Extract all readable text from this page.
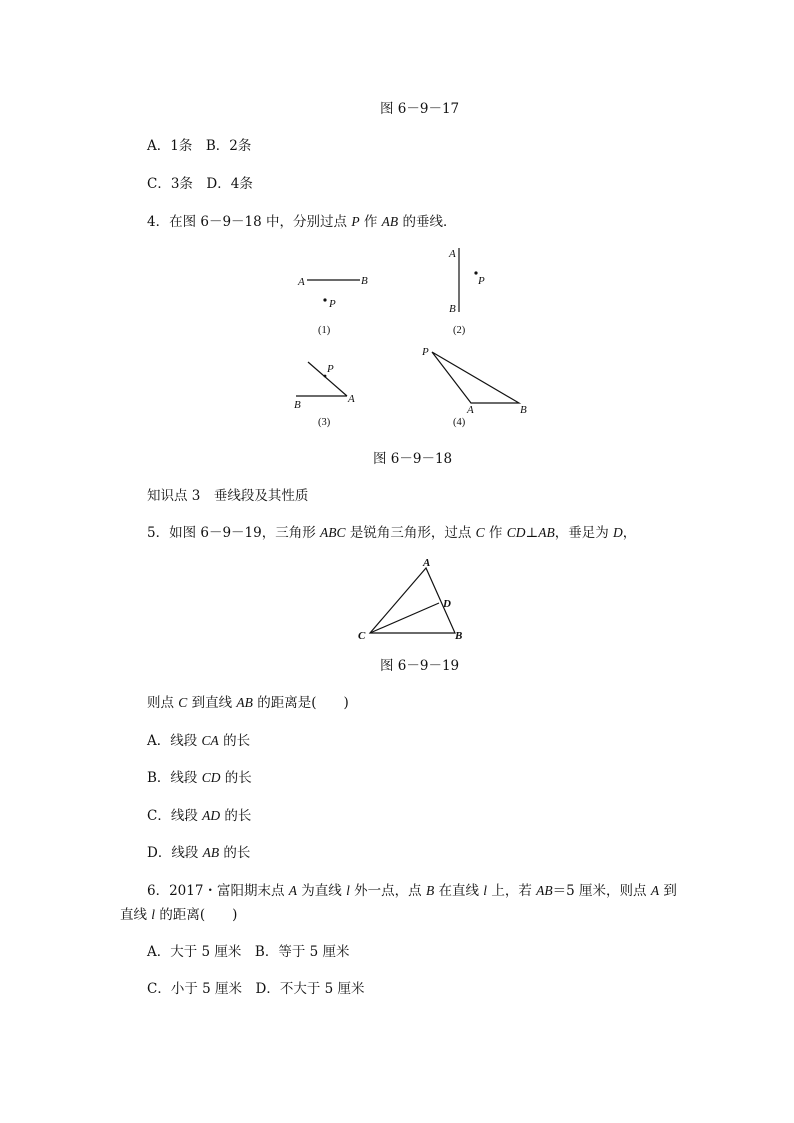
图 6－9－17
A．1条　B．2条
C．3条　D．4条
4．在图 6－9－18 中，分别过点 P 作 AB 的垂线．
A	B
P
(1)
A
B
P
(2)
P
B	A
(3)
P
A	B
(4)
A
D
C	B
图 6－9－18
知识点 3　垂线段及其性质
5．如图 6－9－19，三角形 ABC 是锐角三角形，过点 C 作 CD⊥AB，垂足为 D，
图 6－9－19
则点 C 到直线 AB 的距离是(　　)
A．线段 CA 的长
B．线段 CD 的长
C．线段 AD 的长
D．线段 AB 的长
6．2017・富阳期末点 A 为直线 l 外一点，点 B 在直线 l 上，若 AB＝5 厘米，则点 A 到
直线 l 的距离(　　)
A．大于 5 厘米　B．等于 5 厘米
C．小于 5 厘米　D．不大于 5 厘米
